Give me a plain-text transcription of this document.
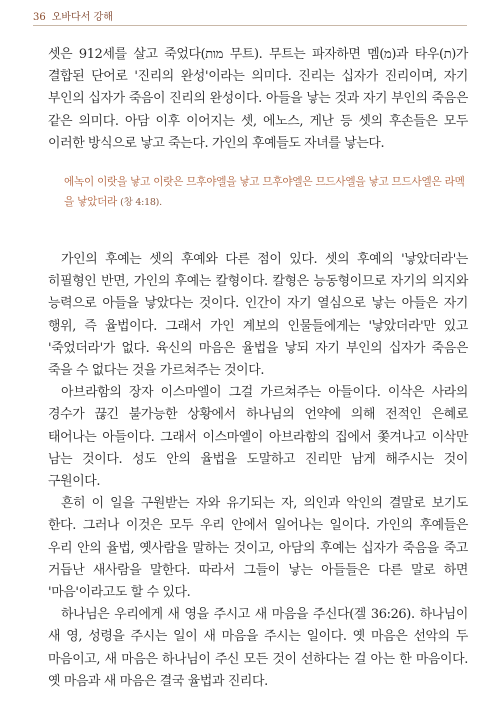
36 오바다서 강해

셋은 912세를 살고 죽었다(מות 무트). 무트는 파자하면 멤(מ)과 타우(ת)가 결합된 단어로 '진리의 완성'이라는 의미다. 진리는 십자가 진리이며, 자기 부인의 십자가 죽음이 진리의 완성이다. 아들을 낳는 것과 자기 부인의 죽음은 같은 의미다. 아담 이후 이어지는 셋, 에노스, 게난 등 셋의 후손들은 모두 이러한 방식으로 낳고 죽는다. 가인의 후예들도 자녀를 낳는다.

에녹이 이랏을 낳고 이랏은 므후야엘을 낳고 므후야엘은 므드사엘을 낳고 므드사엘은 라멕을 낳았더라 (창 4:18).

가인의 후예는 셋의 후예와 다른 점이 있다. 셋의 후예의 '낳았더라'는 히필형인 반면, 가인의 후예는 칼형이다. 칼형은 능동형이므로 자기의 의지와 능력으로 아들을 낳았다는 것이다. 인간이 자기 열심으로 낳는 아들은 자기 행위, 즉 율법이다. 그래서 가인 계보의 인물들에게는 '낳았더라'만 있고 '죽었더라'가 없다. 육신의 마음은 율법을 낳되 자기 부인의 십자가 죽음은 죽을 수 없다는 것을 가르쳐주는 것이다.

아브라함의 장자 이스마엘이 그걸 가르쳐주는 아들이다. 이삭은 사라의 경수가 끊긴 불가능한 상황에서 하나님의 언약에 의해 전적인 은혜로 태어나는 아들이다. 그래서 이스마엘이 아브라함의 집에서 쫓겨나고 이삭만 남는 것이다. 성도 안의 율법을 도말하고 진리만 남게 해주시는 것이 구원이다.

흔히 이 일을 구원받는 자와 유기되는 자, 의인과 악인의 결말로 보기도 한다. 그러나 이것은 모두 우리 안에서 일어나는 일이다. 가인의 후예들은 우리 안의 율법, 옛사람을 말하는 것이고, 아담의 후예는 십자가 죽음을 죽고 거듭난 새사람을 말한다. 따라서 그들이 낳는 아들들은 다른 말로 하면 '마음'이라고도 할 수 있다.

하나님은 우리에게 새 영을 주시고 새 마음을 주신다(겔 36:26). 하나님이 새 영, 성령을 주시는 일이 새 마음을 주시는 일이다. 옛 마음은 선악의 두 마음이고, 새 마음은 하나님이 주신 모든 것이 선하다는 걸 아는 한 마음이다. 옛 마음과 새 마음은 결국 율법과 진리다.
